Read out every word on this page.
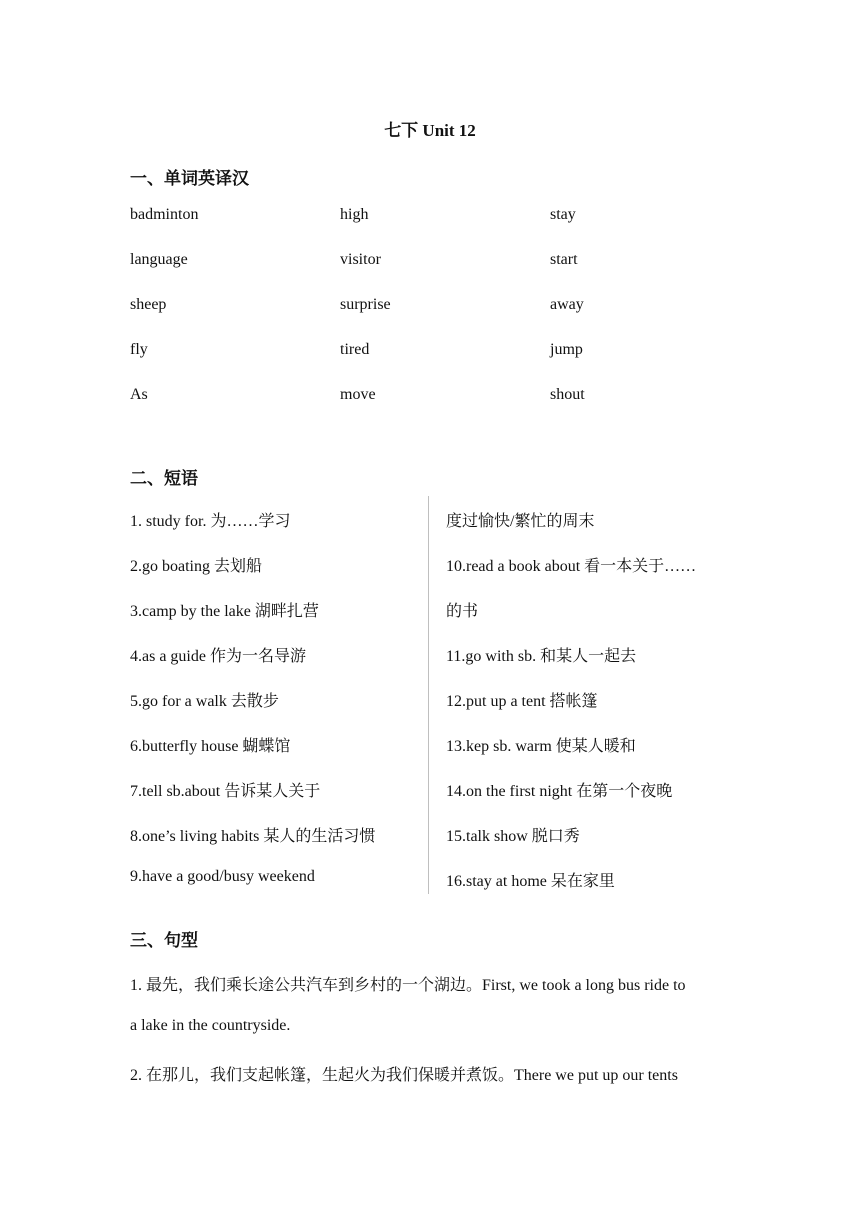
七下 Unit 12
一、单词英译汉
badminton	high	stay
language	visitor	start
sheep	surprise	away
fly	tired	jump
As	move	shout
二、短语
1. study for. 为……学习
2.go boating 去划船
3.camp by the lake 湖畔扎营
4.as a guide 作为一名导游
5.go for a walk 去散步
6.butterfly house 蝴蝶馆
7.tell sb.about 告诉某人关于
8.one’s living habits 某人的生活习惯
9.have a good/busy weekend
度过愉快/繁忙的周末
10.read a book about 看一本关于……
的书
11.go with sb. 和某人一起去
12.put up a tent 搭帐篷
13.kep sb. warm 使某人暖和
14.on the first night 在第一个夜晚
15.talk show 脱口秀
16.stay at home 呆在家里
三、句型
1. 最先，我们乘长途公共汽车到乡村的一个湖边。First, we took a long bus ride to
a lake in the countryside.
2. 在那儿，我们支起帐篷，生起火为我们保暖并煮饭。There we put up our tents
